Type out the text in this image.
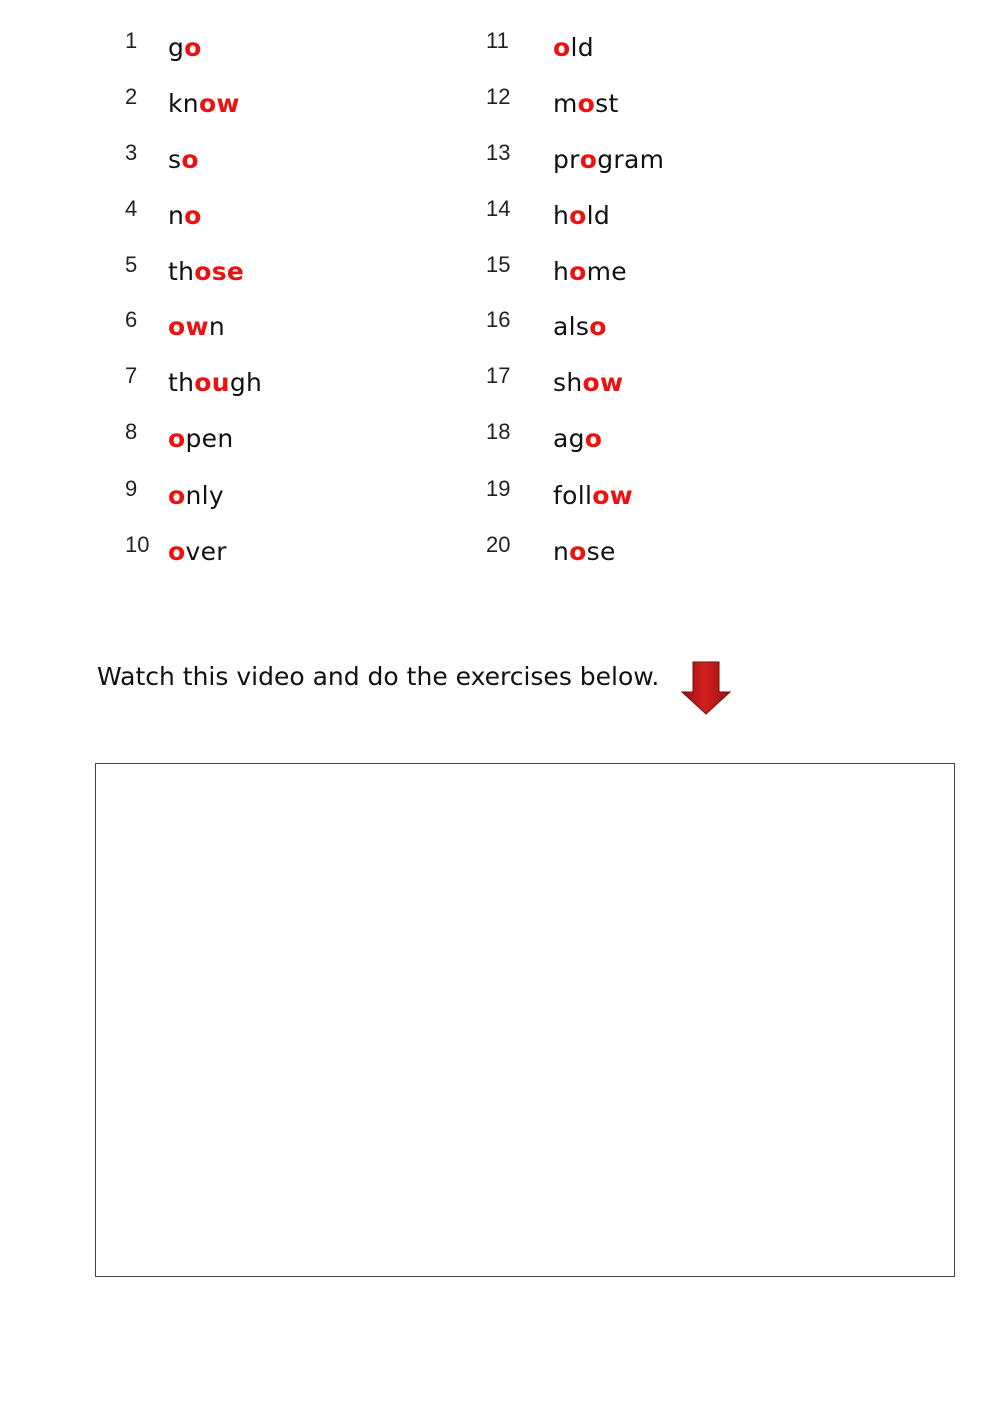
1 go
2 know
3 so
4 no
5 those
6 own
7 though
8 open
9 only
10 over
11 old
12 most
13 program
14 hold
15 home
16 also
17 show
18 ago
19 follow
20 nose
Watch this video and do the exercises below.
